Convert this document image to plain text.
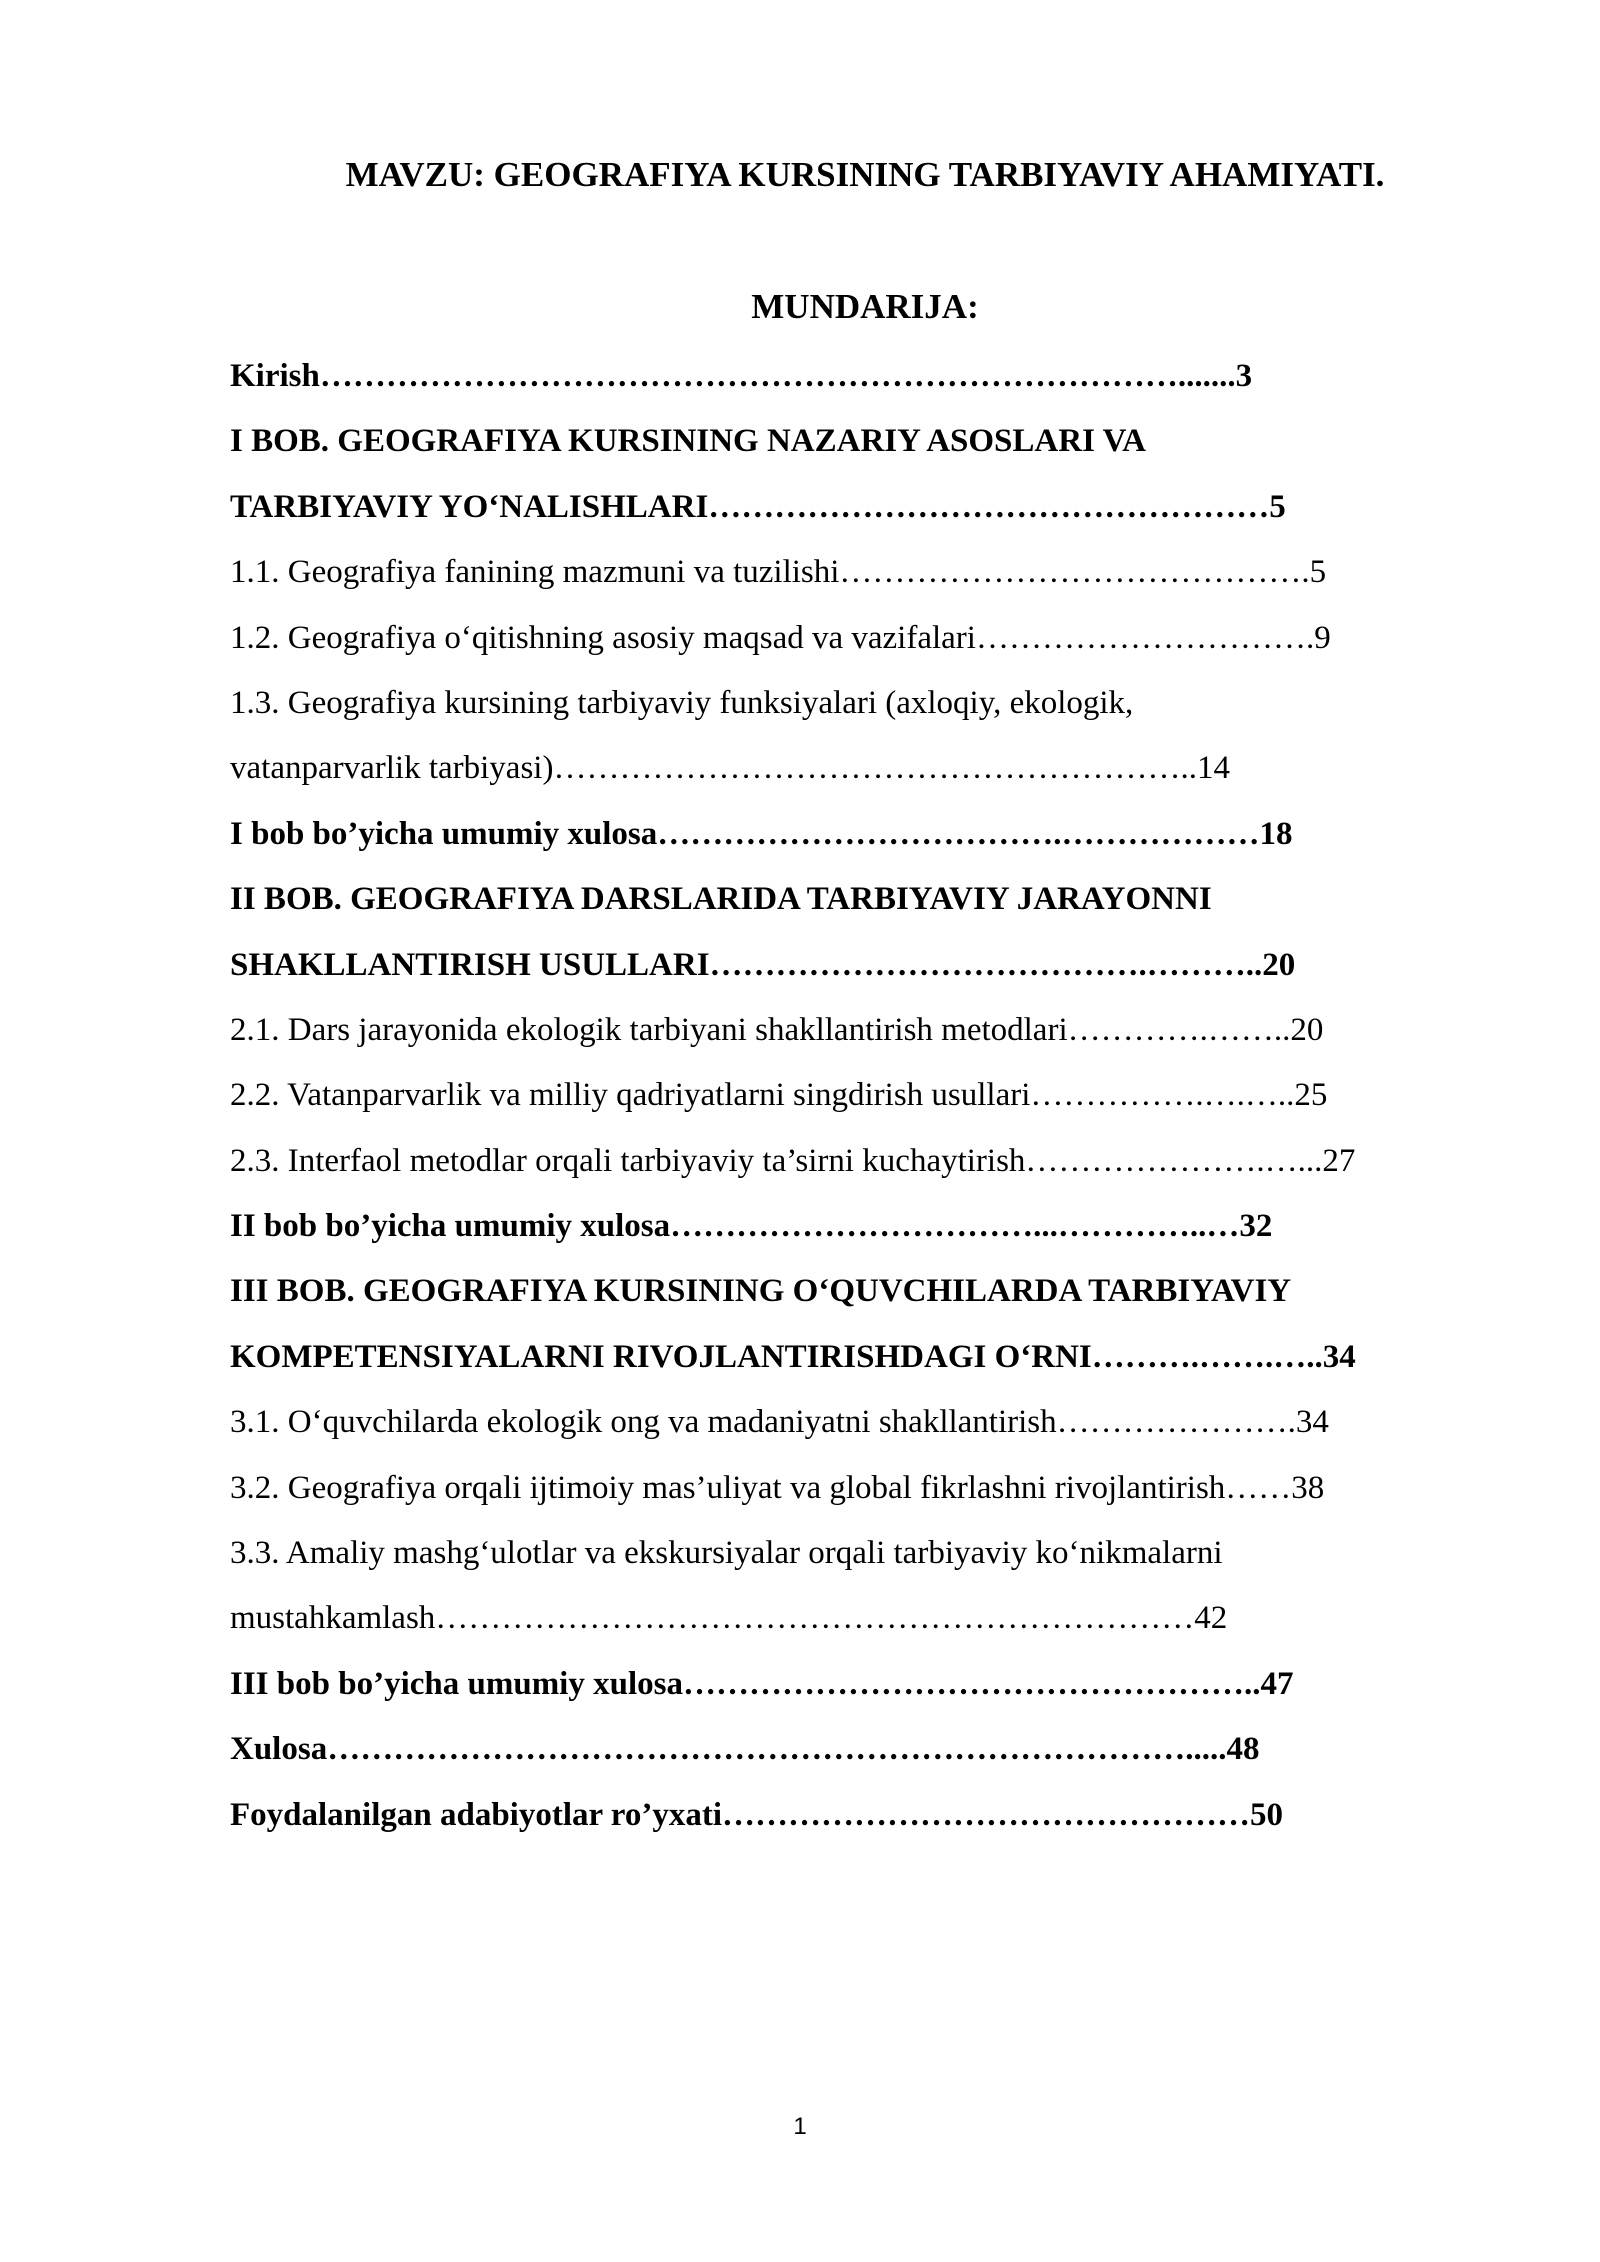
MAVZU: GEOGRAFIYA KURSINING TARBIYAVIY AHAMIYATI.
MUNDARIJA:
Kirish…………………………………………………………………….......3
I BOB. GEOGRAFIYA KURSINING NAZARIY ASOSLARI VA
TARBIYAVIY YO‘NALISHLARI……………………………………………5
1.1. Geografiya fanining mazmuni va tuzilishi…………………………………….5
1.2. Geografiya o‘qitishning asosiy maqsad va vazifalari………………………….9
1.3. Geografiya kursining tarbiyaviy funksiyalari (axloqiy, ekologik,
vatanparvarlik tarbiyasi)…………………………………………………..14
I bob bo’yicha umumiy xulosa……………………………….………………18
II BOB. GEOGRAFIYA DARSLARIDA TARBIYAVIY JARAYONNI
SHAKLLANTIRISH USULLARI………………………………….………..20
2.1. Dars jarayonida ekologik tarbiyani shakllantirish metodlari………….……..20
2.2. Vatanparvarlik va milliy qadriyatlarni singdirish usullari…………….….…..25
2.3. Interfaol metodlar orqali tarbiyaviy ta’sirni kuchaytirish………………….…...27
II bob bo’yicha umumiy xulosa……………………………...…………..…32
III BOB. GEOGRAFIYA KURSINING O‘QUVCHILARDA TARBIYAVIY
KOMPETENSIYALARNI RIVOJLANTIRISHDAGI O‘RNI……….…….…..34
3.1. O‘quvchilarda ekologik ong va madaniyatni shakllantirish………………….34
3.2. Geografiya orqali ijtimoiy mas’uliyat va global fikrlashni rivojlantirish……38
3.3. Amaliy mashg‘ulotlar va ekskursiyalar orqali tarbiyaviy ko‘nikmalarni
mustahkamlash……………………………………………………………42
III bob bo’yicha umumiy xulosa……………………………………………..47
Xulosa…………………………………………………………………….....48
Foydalanilgan adabiyotlar ro’yxati…………………………………………50
1
